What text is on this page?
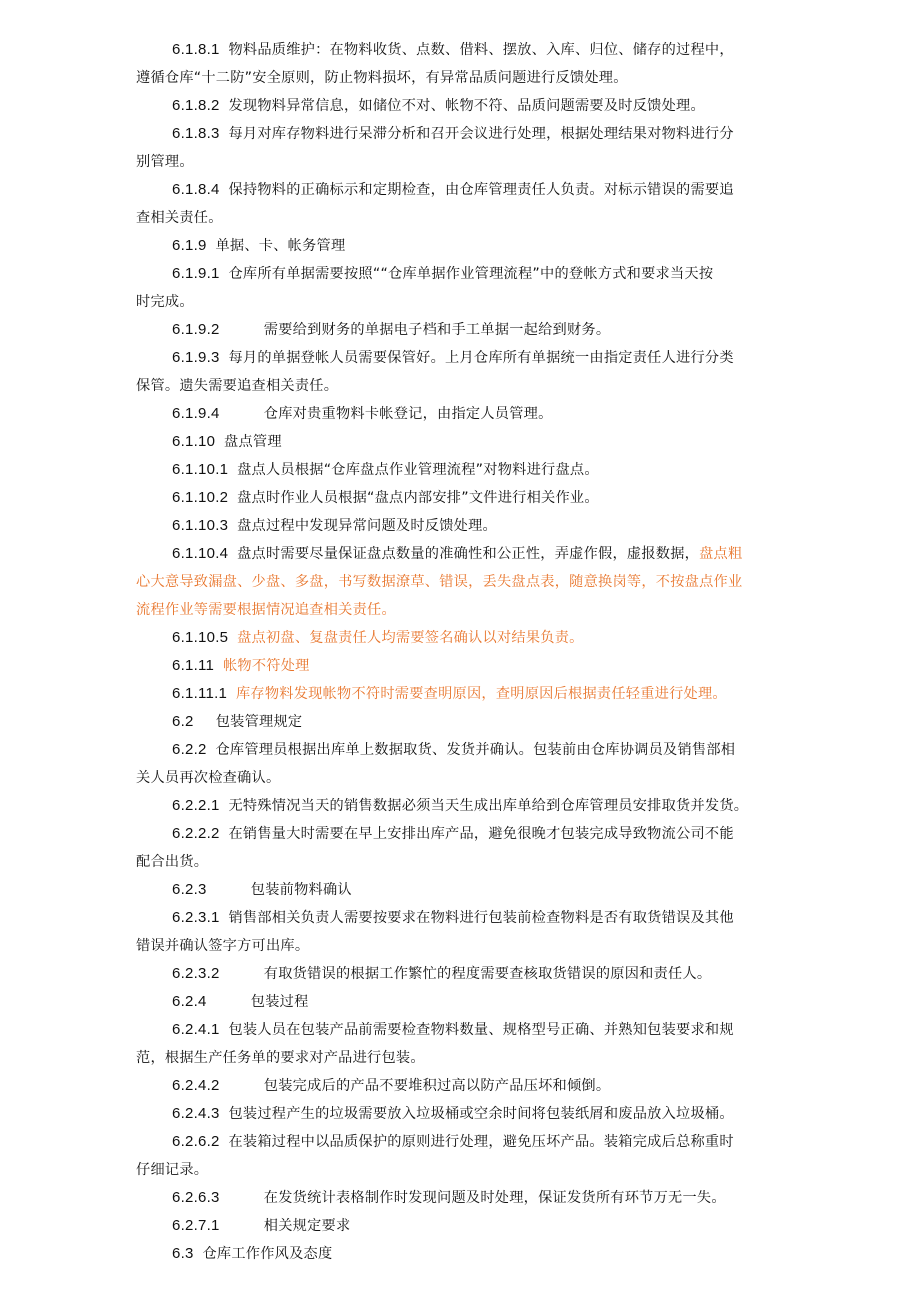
6.1.8.1  物料品质维护：在物料收货、点数、借料、摆放、入库、归位、储存的过程中，
遵循仓库“十二防”安全原则，防止物料损坏，有异常品质问题进行反馈处理。
6.1.8.2  发现物料异常信息，如储位不对、帐物不符、品质问题需要及时反馈处理。
6.1.8.3  每月对库存物料进行呆滞分析和召开会议进行处理，根据处理结果对物料进行分
别管理。
6.1.8.4  保持物料的正确标示和定期检查，由仓库管理责任人负责。对标示错误的需要追
查相关责任。
6.1.9  单据、卡、帐务管理
6.1.9.1  仓库所有单据需要按照““仓库单据作业管理流程”中的登帐方式和要求当天按
时完成。
6.1.9.2          需要给到财务的单据电子档和手工单据一起给到财务。
6.1.9.3  每月的单据登帐人员需要保管好。上月仓库所有单据统一由指定责任人进行分类
保管。遗失需要追查相关责任。
6.1.9.4          仓库对贵重物料卡帐登记，由指定人员管理。
6.1.10  盘点管理
6.1.10.1  盘点人员根据“仓库盘点作业管理流程”对物料进行盘点。
6.1.10.2  盘点时作业人员根据“盘点内部安排”文件进行相关作业。
6.1.10.3  盘点过程中发现异常问题及时反馈处理。
6.1.10.4  盘点时需要尽量保证盘点数量的准确性和公正性，弄虚作假，虚报数据，盘点粗
心大意导致漏盘、少盘、多盘，书写数据潦草、错误，丢失盘点表，随意换岗等，不按盘点作业
流程作业等需要根据情况追查相关责任。
6.1.10.5  盘点初盘、复盘责任人均需要签名确认以对结果负责。
6.1.11  帐物不符处理
6.1.11.1  库存物料发现帐物不符时需要查明原因，查明原因后根据责任轻重进行处理。
6.2     包装管理规定
6.2.2  仓库管理员根据出库单上数据取货、发货并确认。包装前由仓库协调员及销售部相
关人员再次检查确认。
6.2.2.1  无特殊情况当天的销售数据必须当天生成出库单给到仓库管理员安排取货并发货。
6.2.2.2  在销售量大时需要在早上安排出库产品，避免很晚才包装完成导致物流公司不能
配合出货。
6.2.3          包装前物料确认
6.2.3.1  销售部相关负责人需要按要求在物料进行包装前检查物料是否有取货错误及其他
错误并确认签字方可出库。
6.2.3.2          有取货错误的根据工作繁忙的程度需要查核取货错误的原因和责任人。
6.2.4          包装过程
6.2.4.1  包装人员在包装产品前需要检查物料数量、规格型号正确、并熟知包装要求和规
范，根据生产任务单的要求对产品进行包装。
6.2.4.2          包装完成后的产品不要堆积过高以防产品压坏和倾倒。
6.2.4.3  包装过程产生的垃圾需要放入垃圾桶或空余时间将包装纸屑和废品放入垃圾桶。
6.2.6.2  在装箱过程中以品质保护的原则进行处理，避免压坏产品。装箱完成后总称重时
仔细记录。
6.2.6.3          在发货统计表格制作时发现问题及时处理，保证发货所有环节万无一失。
6.2.7.1          相关规定要求
6.3  仓库工作作风及态度
